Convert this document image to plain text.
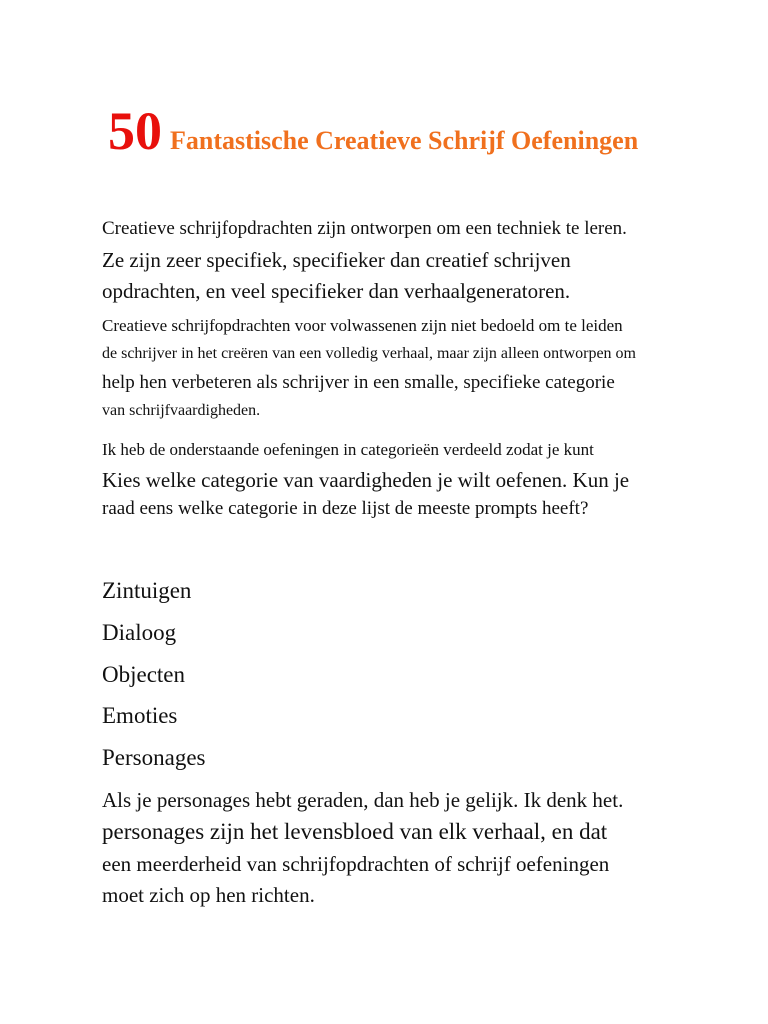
50 Fantastische Creatieve Schrijf Oefeningen
Creatieve schrijfopdrachten zijn ontworpen om een techniek te leren.
Ze zijn zeer specifiek, specifieker dan creatief schrijven
opdrachten, en veel specifieker dan verhaalgeneratoren.
Creatieve schrijfopdrachten voor volwassenen zijn niet bedoeld om te leiden
de schrijver in het creëren van een volledig verhaal, maar zijn alleen ontworpen om
help hen verbeteren als schrijver in een smalle, specifieke categorie
van schrijfvaardigheden.
Ik heb de onderstaande oefeningen in categorieën verdeeld zodat je kunt
Kies welke categorie van vaardigheden je wilt oefenen. Kun je
raad eens welke categorie in deze lijst de meeste prompts heeft?
Zintuigen
Dialoog
Objecten
Emoties
Personages
Als je personages hebt geraden, dan heb je gelijk. Ik denk het.
personages zijn het levensbloed van elk verhaal, en dat
een meerderheid van schrijfopdrachten of schrijf oefeningen
moet zich op hen richten.
